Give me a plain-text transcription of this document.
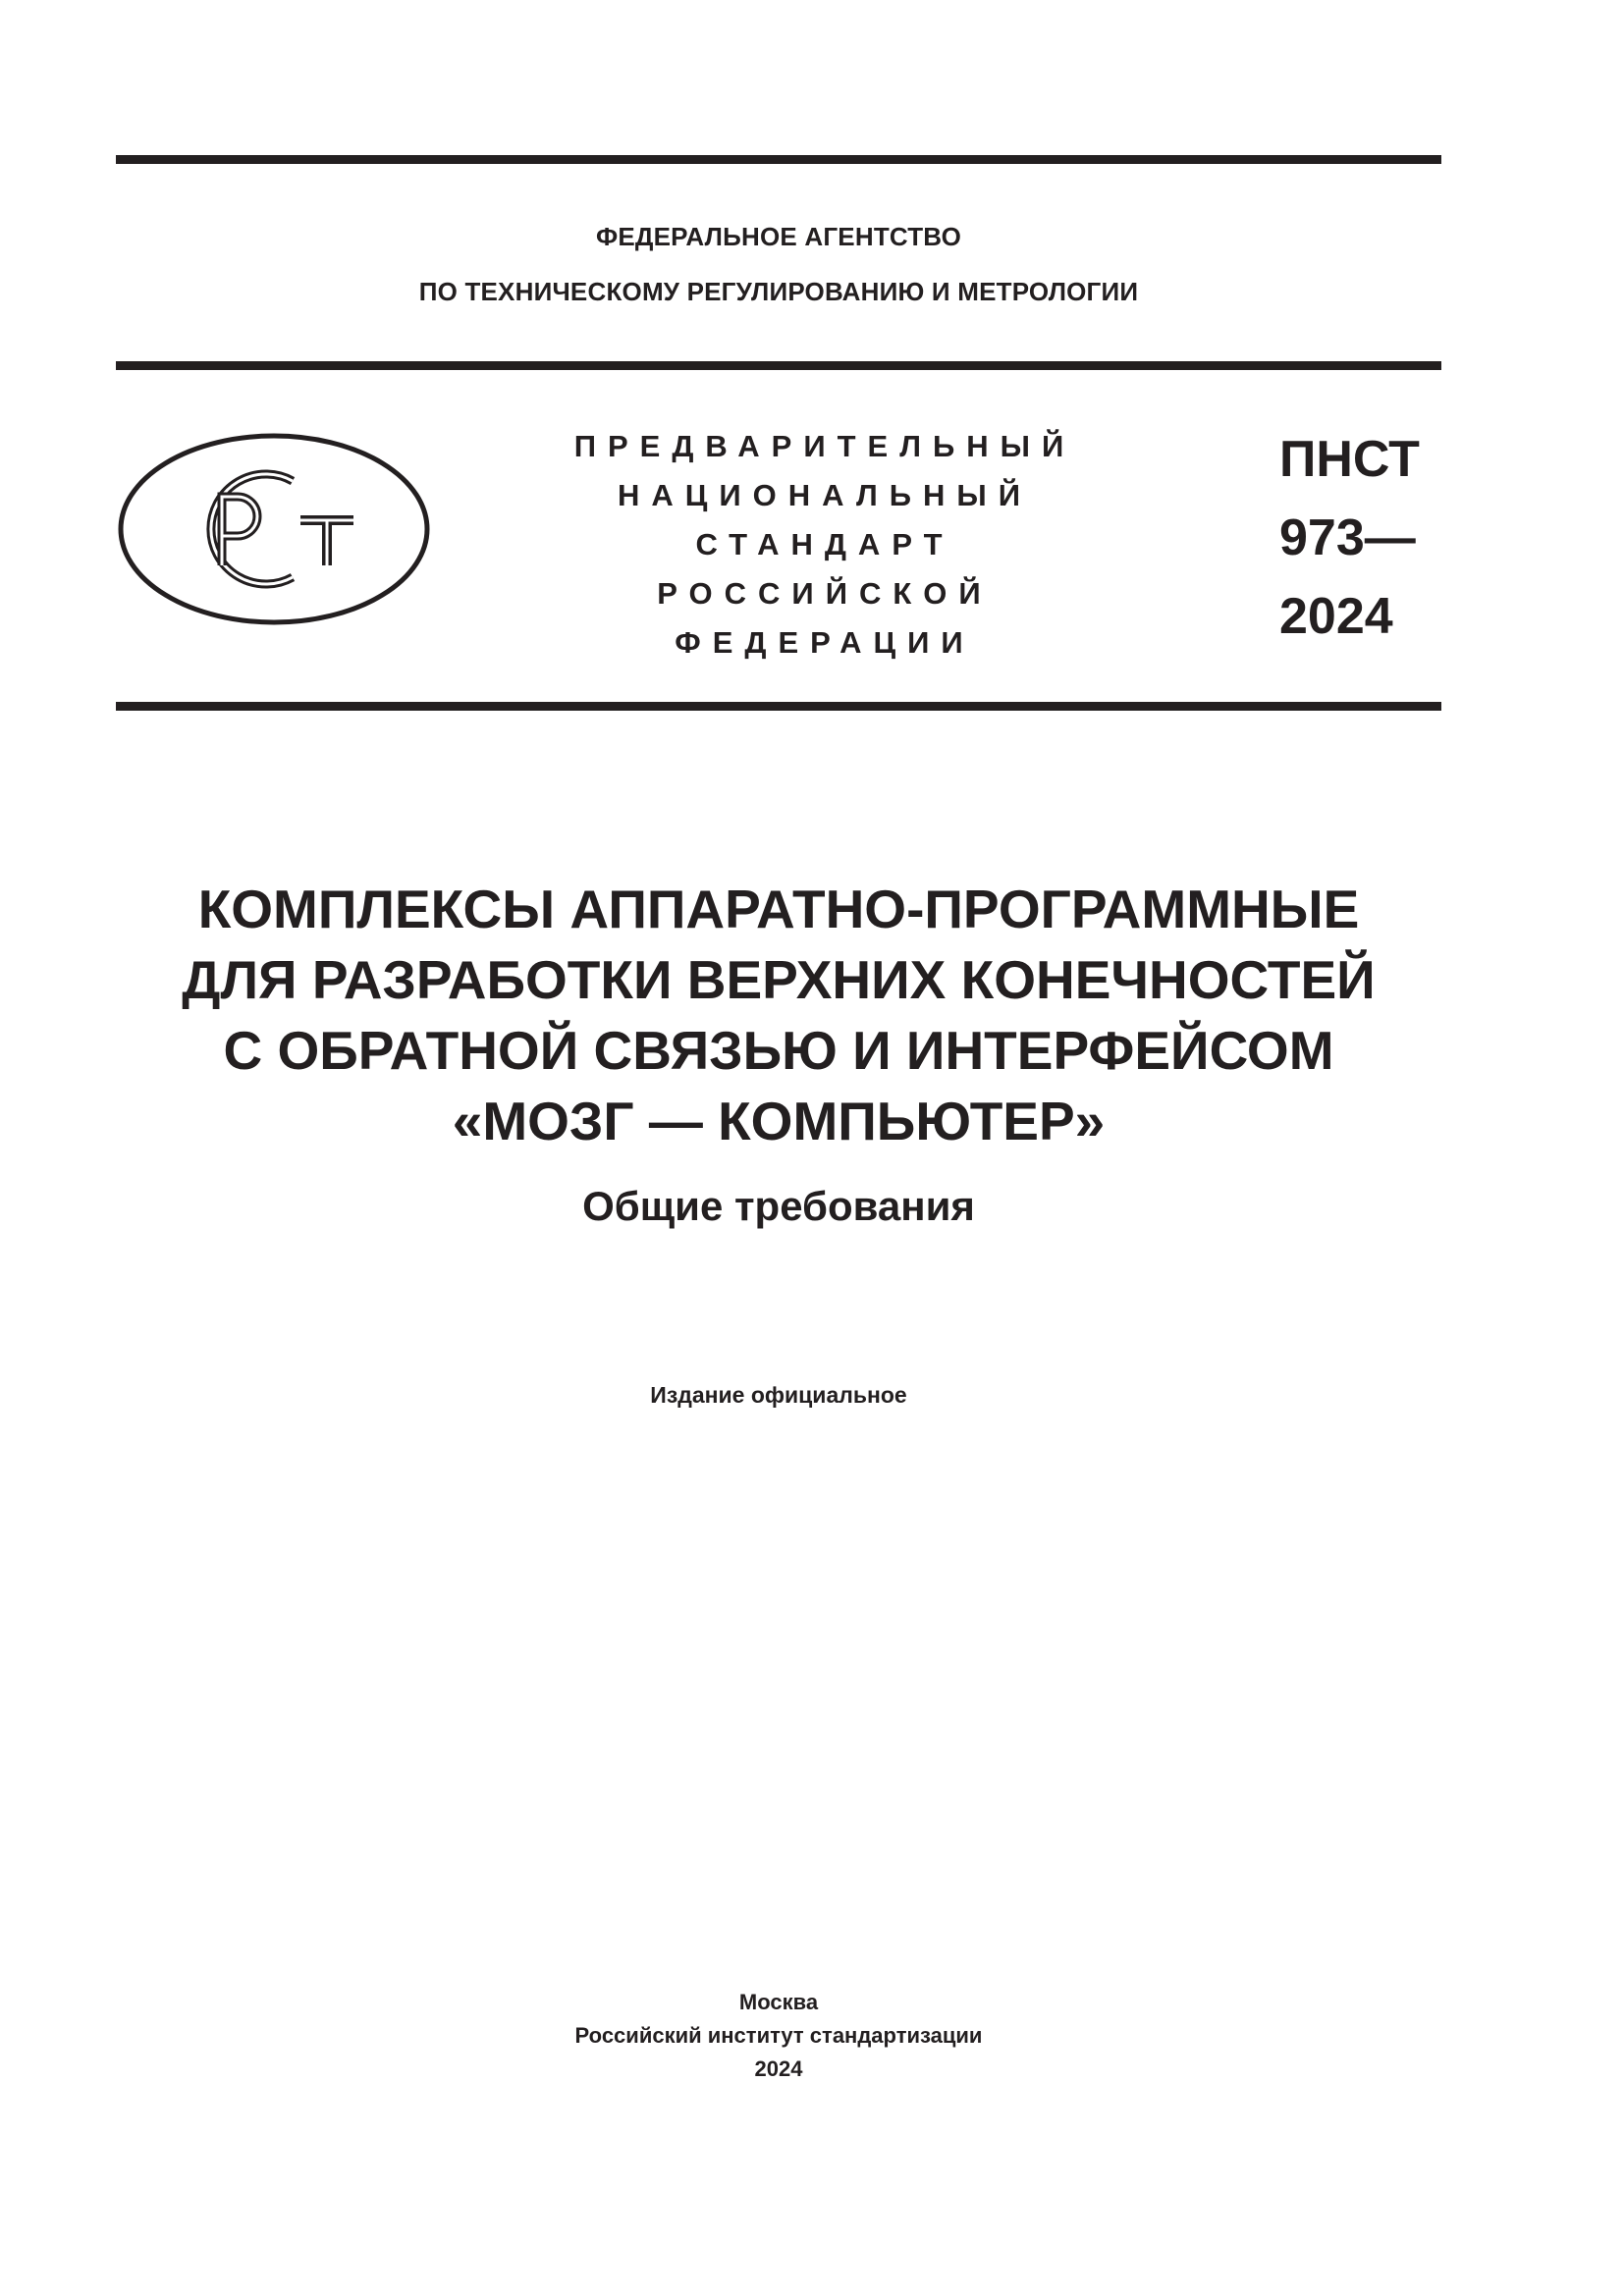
ФЕДЕРАЛЬНОЕ АГЕНТСТВО
ПО ТЕХНИЧЕСКОМУ РЕГУЛИРОВАНИЮ И МЕТРОЛОГИИ
ПРЕДВАРИТЕЛЬНЫЙ
НАЦИОНАЛЬНЫЙ
СТАНДАРТ
РОССИЙСКОЙ
ФЕДЕРАЦИИ
ПНСТ
973—
2024
КОМПЛЕКСЫ АППАРАТНО-ПРОГРАММНЫЕ
ДЛЯ РАЗРАБОТКИ ВЕРХНИХ КОНЕЧНОСТЕЙ
С ОБРАТНОЙ СВЯЗЬЮ И ИНТЕРФЕЙСОМ
«МОЗГ — КОМПЬЮТЕР»
Общие требования
Издание официальное
Москва
Российский институт стандартизации
2024
